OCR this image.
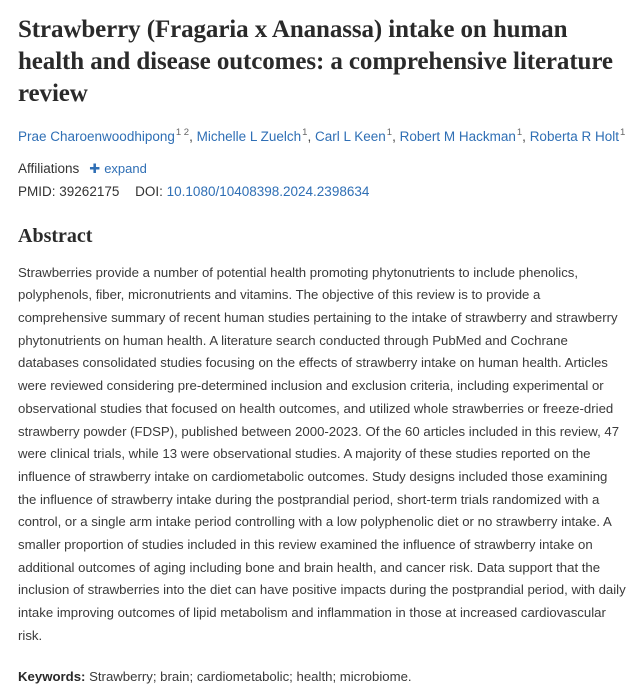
Strawberry (Fragaria x Ananassa) intake on human health and disease outcomes: a comprehensive literature review
Prae Charoenwoodhipong$^{1 2}$, Michelle L Zuelch$^1$, Carl L Keen$^1$, Robert M Hackman$^1$, Roberta R Holt$^1$
Affiliations ✚ expand
PMID: 39262175 DOI: 10.1080/10408398.2024.2398634
Abstract

Strawberries provide a number of potential health promoting phytonutrients to include phenolics, polyphenols, fiber, micronutrients and vitamins. The objective of this review is to provide a comprehensive summary of recent human studies pertaining to the intake of strawberry and strawberry phytonutrients on human health. A literature search conducted through PubMed and Cochrane databases consolidated studies focusing on the effects of strawberry intake on human health. Articles were reviewed considering pre-determined inclusion and exclusion criteria, including experimental or observational studies that focused on health outcomes, and utilized whole strawberries or freeze-dried strawberry powder (FDSP), published between 2000-2023. Of the 60 articles included in this review, 47 were clinical trials, while 13 were observational studies. A majority of these studies reported on the influence of strawberry intake on cardiometabolic outcomes. Study designs included those examining the influence of strawberry intake during the postprandial period, short-term trials randomized with a control, or a single arm intake period controlling with a low polyphenolic diet or no strawberry intake. A smaller proportion of studies included in this review examined the influence of strawberry intake on additional outcomes of aging including bone and brain health, and cancer risk. Data support that the inclusion of strawberries into the diet can have positive impacts during the postprandial period, with daily intake improving outcomes of lipid metabolism and inflammation in those at increased cardiovascular risk.

Keywords: Strawberry; brain; cardiometabolic; health; microbiome.
